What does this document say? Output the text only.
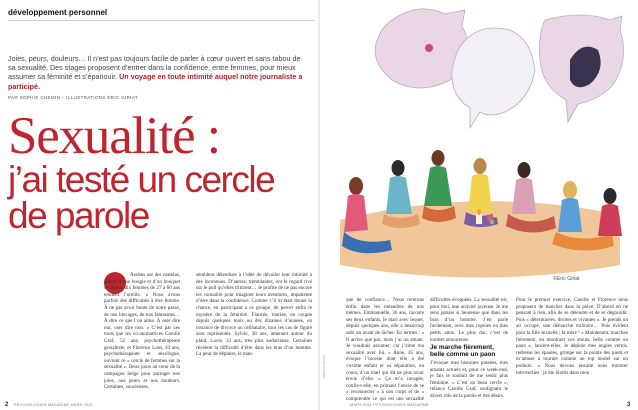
développement personnel
Joies, peurs, douleurs… Il n’est pas toujours facile de parler à cœur ouvert et sans tabou de sa sexualité. Des stages proposent d’entrer dans la confidence, entre femmes, pour mieux assumer sa féminité et s’épanouir. Un voyage en toute intimité auquel notre journaliste a participé.
PAR SOPHIE CHEMIN – ILLUSTRATIONS ÉRIC GIRIAT
Sexualité :
j’ai testé un cercle
de parole
Assises sur des matelas, autour d’une bougie et d’un bouquet de fleurs, dix femmes de 27 à 60 ans tendent l’oreille. « Nous avons parfois des difficultés à être femme. À ne pas avoir honte de notre passé, de nos blocages, de nos fantasmes… À dire ce que l’on aime. À oser dire oui, oser dire non. » C’est par ces mots que les co-animatrices Carolle Graf, 52 ans, psychothérapeute gestaltiste, et Florence Loos, 43 ans, psychothérapeute et sexologue, ouvrent ce « cercle de femmes sur la sexualité ». Deux jours au cœur de la campagne belge pour partager nos joies, nos peurs et nos douleurs. Certaines, soucieuses,
semblent détendues à l’idée de dévoiler leur intimité à des inconnues. D’autres, tremblantes, ont le regard rivé sur le pull qu’elles triturent… Je profite de ne pas encore les connaître pour imaginer leurs aventures, impatiente d’être dans la confidence. Comme c’il m’était donné la chance, en participant à ce groupe, de percer enfin le mystère de la féminité. Fiancée, mariée, en couple depuis quelques mois ou des dizaines d’années, en instance de divorce ou célibataire, tous les cas de figure sont représentés. Sylvie, 38 ans, amenant autour du plaid, Lucie, 33 ans, très plus audacieuse. Certaines révèlent la difficulté d’être dans les bras d’un homme. La peur de déplaire, le man-
PSYCHOLOGIES MAGAZINE MARS 2011
2
©Éric Giriat
PSYCHOLOGIES
que de confiance… Nous rentrons enfin dans les méandres de nos mêmes. Emmanuelle, 36 ans, raconte ses deux enfants, le mari avec lequel, depuis quelques ans, elle a beaucoup subi un avant de lâcher. En termes : « Il arrive que pas, mais j’ai un amant. Je voudrais assumer, car j’aime ma sexualité avec lui. » Anne, 45 ans, évoque l’inceste dont elle a été victime enfant et sa séparation, en cours, d’un mari qui dit ne plus avoir envie d’elle. « Ça m’a ravagée, confie-t-elle, en primant l’envie de se « reconnecter » à son corps et de « comprendre ce qui est une sexualité
difficultés évoquées. La sexualité est, pour moi, une activité joyeuse. Je me sens jamais si heureuse que dans les bras d’un homme. J’en parle facilement, avec mes copines ou mes petits amis. Le plus dur, c’est de tomber amoureuse.
Je marche fièrement, belle comme un paon
J’évoque mes histoires passées, mes amants actuels et, pour ce week-end, je fais le souhait de me sentir plus féminine. « C’est un beau cercle », relance Carolle Graf, soulignant le divers rôle de la parole et des désirs.
Pour le premier exercice, Carolle et Florence nous proposent de marcher dans la pièce. D’abord en ne pensant à rien, afin de se détendre et de se dégourdir. Puis « déterminées, droites et vivantes ». Je prends un air occupé, une démarche militaire… Puis évident pour la fille sexuelle ; la mère ! » Maintenant, marchez fièrement, en montrant vos atouts, belle comme un paon », lancent-elles. Je déploie mes ongles vernis, redresse les épaules, grimpe sur la pointe des pieds et m’amuse à tourner comme un top model sur un podium. « Nous devons ensuite nous montrer introverties : je me blottis dans mon
MARS 2011 PSYCHOLOGIES MAGAZINE	3
